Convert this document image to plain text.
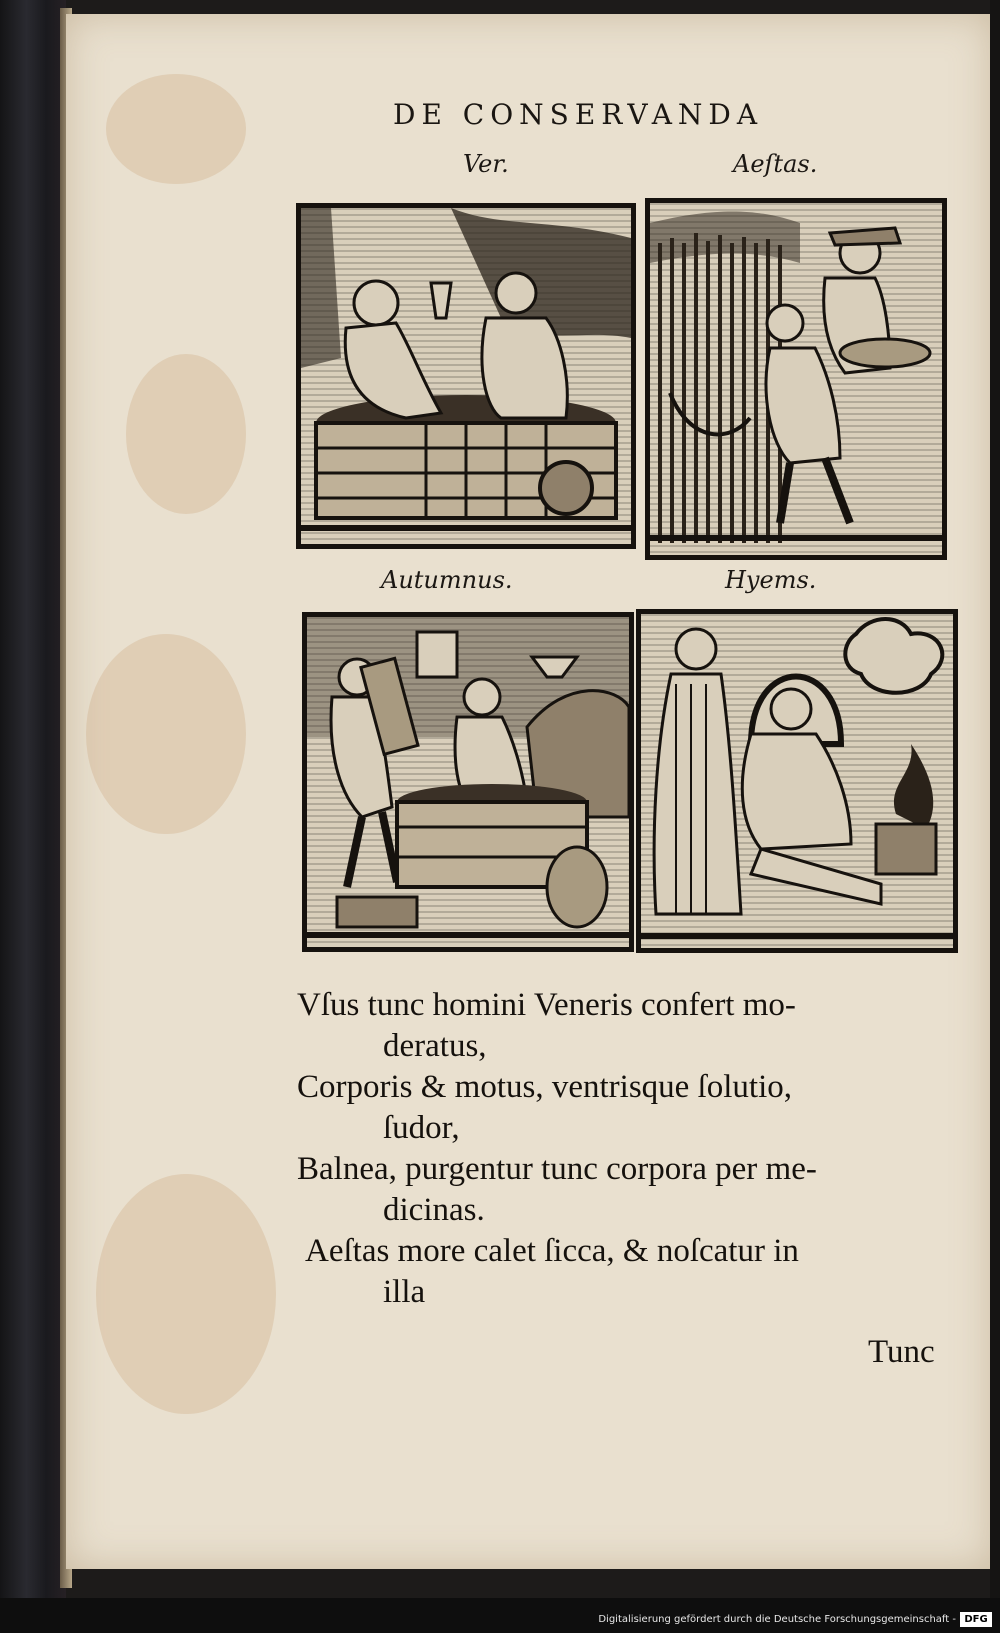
DE CONSERVANDA
Ver.	Aeſtas.
Autumnus.	Hyems.
Vſus tunc homini Veneris confert mo-
deratus,
Corporis & motus, ventrisque ſolutio,
ſudor,
Balnea, purgentur tunc corpora per me-
dicinas.
Aeſtas more calet ſicca, & noſcatur in
illa
Tunc
Digitalisierung gefördert durch die Deutsche Forschungsgemeinschaft - DFG
